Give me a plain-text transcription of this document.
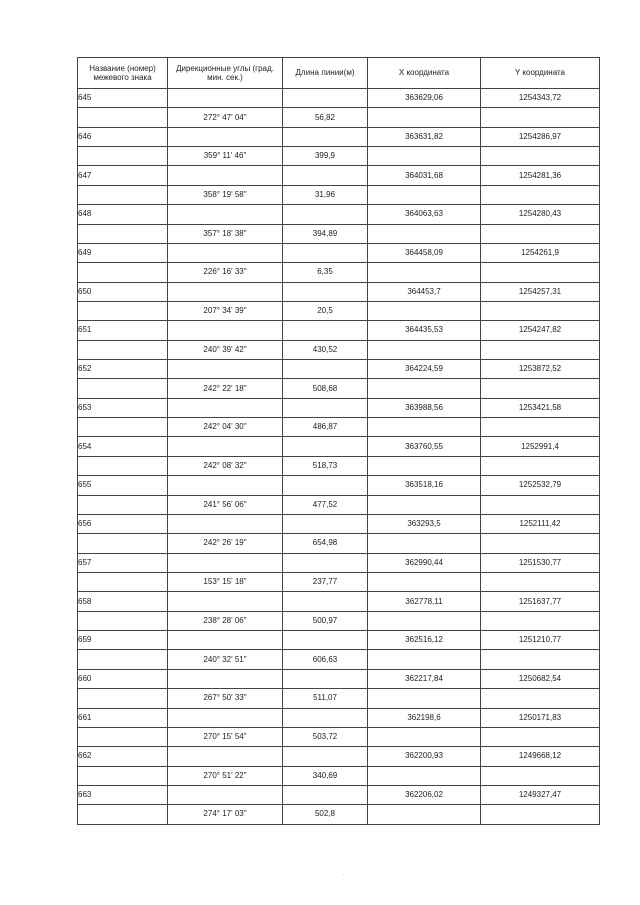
Название (номер) межевого знака	Дирекционные углы (град. мин. сек.)	Длина линии(м)	X координата	Y координата
645			363629,06	1254343,72
	272° 47' 04"	56,82		
646			363631,82	1254286,97
	359° 11' 46"	399,9		
647			364031,68	1254281,36
	358° 19' 58"	31,96		
648			364063,63	1254280,43
	357° 18' 38"	394,89		
649			364458,09	1254261,9
	226° 16' 33"	6,35		
650			364453,7	1254257,31
	207° 34' 39"	20,5		
651			364435,53	1254247,82
	240° 39' 42"	430,52		
652			364224,59	1253872,52
	242° 22' 18"	508,68		
653			363988,56	1253421,58
	242° 04' 30"	486,87		
654			363760,55	1252991,4
	242° 08' 32"	518,73		
655			363518,16	1252532,79
	241° 56' 06"	477,52		
656			363293,5	1252111,42
	242° 26' 19"	654,98		
657			362990,44	1251530,77
	153° 15' 18"	237,77		
658			362778,11	1251637,77
	238° 28' 06"	500,97		
659			362516,12	1251210,77
	240° 32' 51"	606,63		
660			362217,84	1250682,54
	267° 50' 33"	511,07		
661			362198,6	1250171,83
	270° 15' 54"	503,72		
662			362200,93	1249668,12
	270° 51' 22"	340,69		
663			362206,02	1249327,47
	274° 17' 03"	502,8		
.
